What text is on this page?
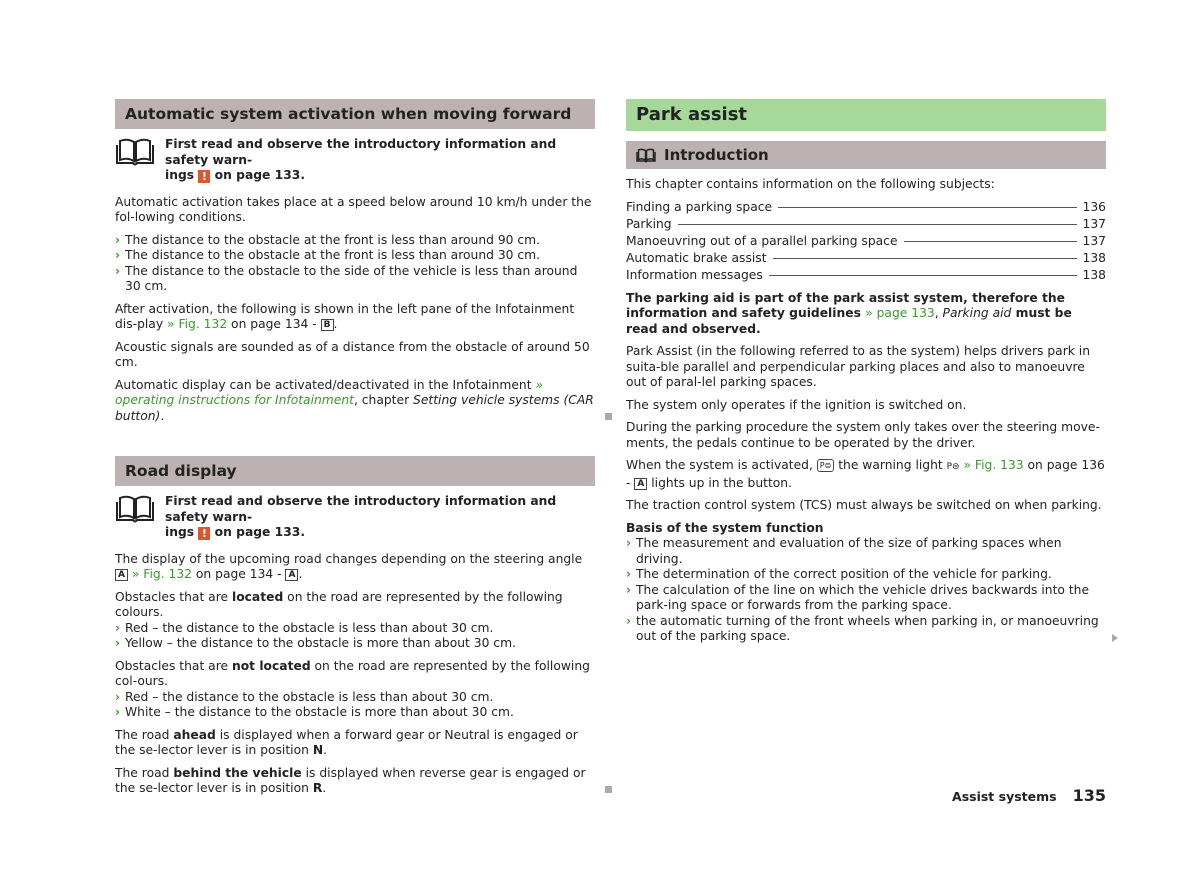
Automatic system activation when moving forward
First read and observe the introductory information and safety warn-
ings ! on page 133.

Automatic activation takes place at a speed below around 10 km/h under the fol-lowing conditions.

› The distance to the obstacle at the front is less than around 90 cm.
› The distance to the obstacle at the front is less than around 30 cm.
› The distance to the obstacle to the side of the vehicle is less than around 30 cm.

After activation, the following is shown in the left pane of the Infotainment dis-play » Fig. 132 on page 134 - B .

Acoustic signals are sounded as of a distance from the obstacle of around 50 cm.

Automatic display can be activated/deactivated in the Infotainment » operating instructions for Infotainment, chapter Setting vehicle systems (CAR button).

Road display
First read and observe the introductory information and safety warn-
ings ! on page 133.

The display of the upcoming road changes depending on the steering angle A » Fig. 132 on page 134 - A .

Obstacles that are located on the road are represented by the following colours.
› Red – the distance to the obstacle is less than about 30 cm.
› Yellow – the distance to the obstacle is more than about 30 cm.
Obstacles that are not located on the road are represented by the following col-ours.
› Red – the distance to the obstacle is less than about 30 cm.
› White – the distance to the obstacle is more than about 30 cm.

The road ahead is displayed when a forward gear or Neutral is engaged or the se-lector lever is in position N.

The road behind the vehicle is displayed when reverse gear is engaged or the se-lector lever is in position R.

Park assist
Introduction

This chapter contains information on the following subjects:

Finding a parking space	136
Parking	137
Manoeuvring out of a parallel parking space	137
Automatic brake assist	138
Information messages	138

The parking aid is part of the park assist system, therefore the information and safety guidelines » page 133, Parking aid must be read and observed.

Park Assist (in the following referred to as the system) helps drivers park in suita-ble parallel and perpendicular parking places and also to manoeuvre out of paral-lel parking spaces.

The system only operates if the ignition is switched on.

During the parking procedure the system only takes over the steering move-ments, the pedals continue to be operated by the driver.

When the system is activated, P⊜ the warning light P⊜ » Fig. 133 on page 136 - A lights up in the button.

The traction control system (TCS) must always be switched on when parking.

Basis of the system function
› The measurement and evaluation of the size of parking spaces when driving.
› The determination of the correct position of the vehicle for parking.
› The calculation of the line on which the vehicle drives backwards into the park-ing space or forwards from the parking space.
› the automatic turning of the front wheels when parking in, or manoeuvring out of the parking space.
Assist systems 135
